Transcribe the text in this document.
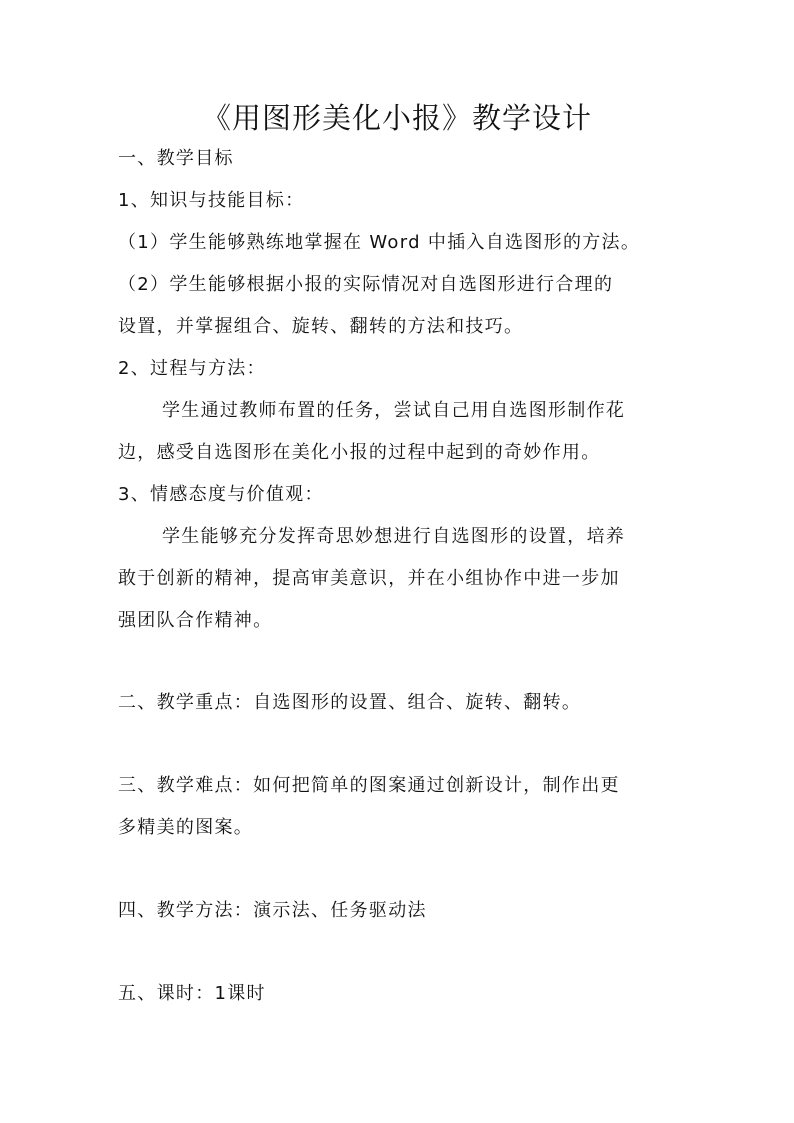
《用图形美化小报》教学设计
一、教学目标
1、知识与技能目标：
（1）学生能够熟练地掌握在 Word 中插入自选图形的方法。
（2）学生能够根据小报的实际情况对自选图形进行合理的
设置，并掌握组合、旋转、翻转的方法和技巧。
2、过程与方法：
学生通过教师布置的任务，尝试自己用自选图形制作花
边，感受自选图形在美化小报的过程中起到的奇妙作用。
3、情感态度与价值观：
学生能够充分发挥奇思妙想进行自选图形的设置，培养
敢于创新的精神，提高审美意识，并在小组协作中进一步加
强团队合作精神。
二、教学重点：自选图形的设置、组合、旋转、翻转。
三、教学难点：如何把简单的图案通过创新设计，制作出更
多精美的图案。
四、教学方法：演示法、任务驱动法
五、课时：1课时
